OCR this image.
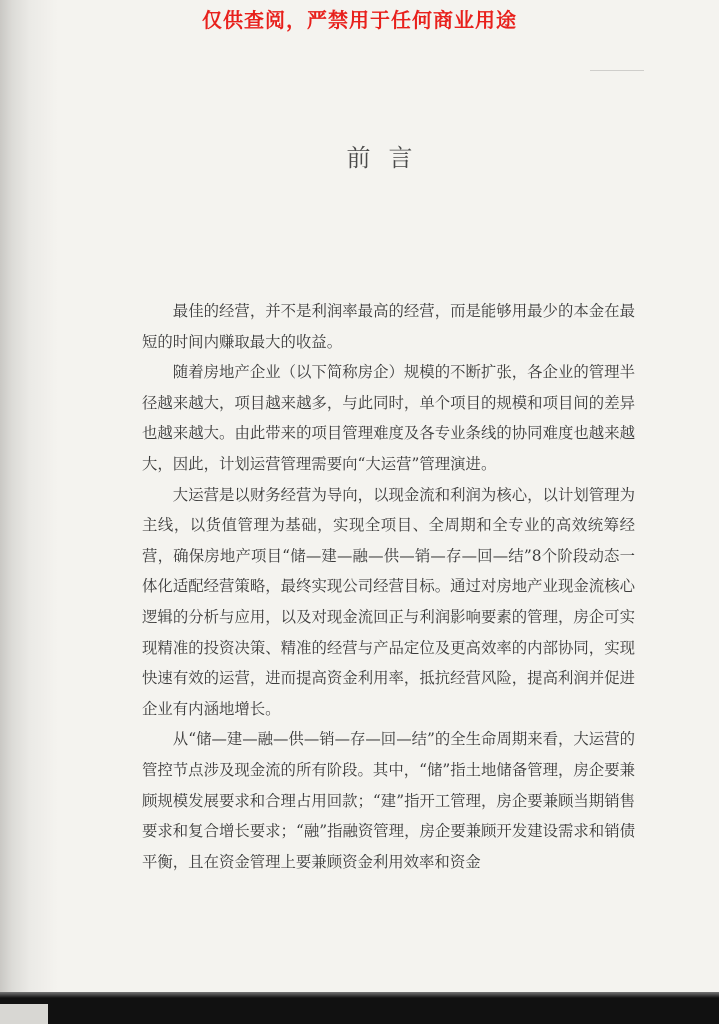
仅供查阅，严禁用于任何商业用途
前言

最佳的经营，并不是利润率最高的经营，而是能够用最少的本金在最短的时间内赚取最大的收益。

随着房地产企业（以下简称房企）规模的不断扩张，各企业的管理半径越来越大，项目越来越多，与此同时，单个项目的规模和项目间的差异也越来越大。由此带来的项目管理难度及各专业条线的协同难度也越来越大，因此，计划运营管理需要向“大运营”管理演进。

大运营是以财务经营为导向，以现金流和利润为核心，以计划管理为主线，以货值管理为基础，实现全项目、全周期和全专业的高效统筹经营，确保房地产项目“储—建—融—供—销—存—回—结”8个阶段动态一体化适配经营策略，最终实现公司经营目标。通过对房地产业现金流核心逻辑的分析与应用，以及对现金流回正与利润影响要素的管理，房企可实现精准的投资决策、精准的经营与产品定位及更高效率的内部协同，实现快速有效的运营，进而提高资金利用率，抵抗经营风险，提高利润并促进企业有内涵地增长。

从“储—建—融—供—销—存—回—结”的全生命周期来看，大运营的管控节点涉及现金流的所有阶段。其中，“储”指土地储备管理，房企要兼顾规模发展要求和合理占用回款；“建”指开工管理，房企要兼顾当期销售要求和复合增长要求；“融”指融资管理，房企要兼顾开发建设需求和销债平衡，且在资金管理上要兼顾资金利用效率和资金
